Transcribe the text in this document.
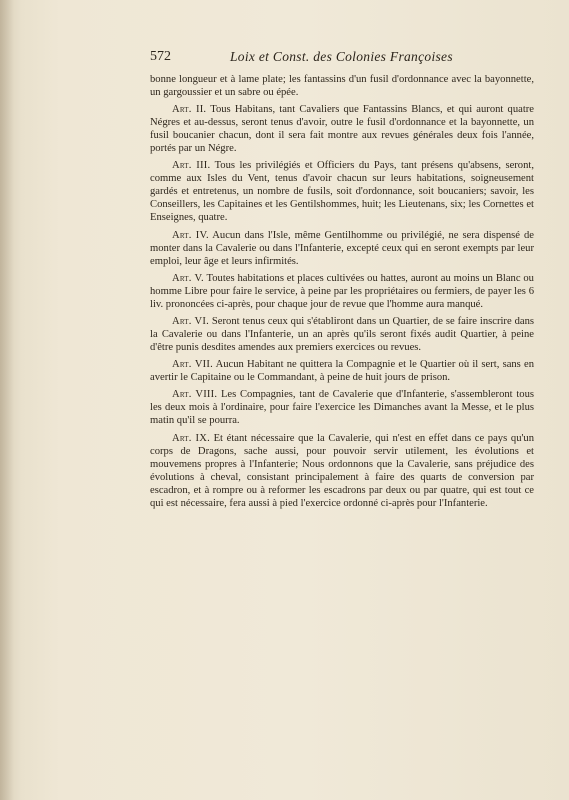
572	Loix et Const. des Colonies Françoises

bonne longueur et à lame plate; les fantassins d'un fusil d'ordonnance avec la bayonnette, un gargoussier et un sabre ou épée.

Art. II. Tous Habitans, tant Cavaliers que Fantassins Blancs, et qui auront quatre Négres et au-dessus, seront tenus d'avoir, outre le fusil d'ordonnance et la bayonnette, un fusil boucanier chacun, dont il sera fait montre aux revues générales deux fois l'année, portés par un Négre.

Art. III. Tous les privilégiés et Officiers du Pays, tant présens qu'absens, seront, comme aux Isles du Vent, tenus d'avoir chacun sur leurs habitations, soigneusement gardés et entretenus, un nombre de fusils, soit d'ordonnance, soit boucaniers; savoir, les Conseillers, les Capitaines et les Gentilshommes, huit; les Lieutenans, six; les Cornettes et Enseignes, quatre.

Art. IV. Aucun dans l'Isle, même Gentilhomme ou privilégié, ne sera dispensé de monter dans la Cavalerie ou dans l'Infanterie, excepté ceux qui en seront exempts par leur emploi, leur âge et leurs infirmités.

Art. V. Toutes habitations et places cultivées ou hattes, auront au moins un Blanc ou homme Libre pour faire le service, à peine par les propriétaires ou fermiers, de payer les 6 liv. prononcées ci-après, pour chaque jour de revue que l'homme aura manqué.

Art. VI. Seront tenus ceux qui s'établiront dans un Quartier, de se faire inscrire dans la Cavalerie ou dans l'Infanterie, un an après qu'ils seront fixés audit Quartier, à peine d'être punis desdites amendes aux premiers exercices ou revues.

Art. VII. Aucun Habitant ne quittera la Compagnie et le Quartier où il sert, sans en avertir le Capitaine ou le Commandant, à peine de huit jours de prison.

Art. VIII. Les Compagnies, tant de Cavalerie que d'Infanterie, s'assembleront tous les deux mois à l'ordinaire, pour faire l'exercice les Dimanches avant la Messe, et le plus matin qu'il se pourra.

Art. IX. Et étant nécessaire que la Cavalerie, qui n'est en effet dans ce pays qu'un corps de Dragons, sache aussi, pour pouvoir servir utilement, les évolutions et mouvemens propres à l'Infanterie; Nous ordonnons que la Cavalerie, sans préjudice des évolutions à cheval, consistant principalement à faire des quarts de conversion par escadron, et à rompre ou à reformer les escadrons par deux ou par quatre, qui est tout ce qui est nécessaire, fera aussi à pied l'exercice ordonné ci-après pour l'Infanterie.
